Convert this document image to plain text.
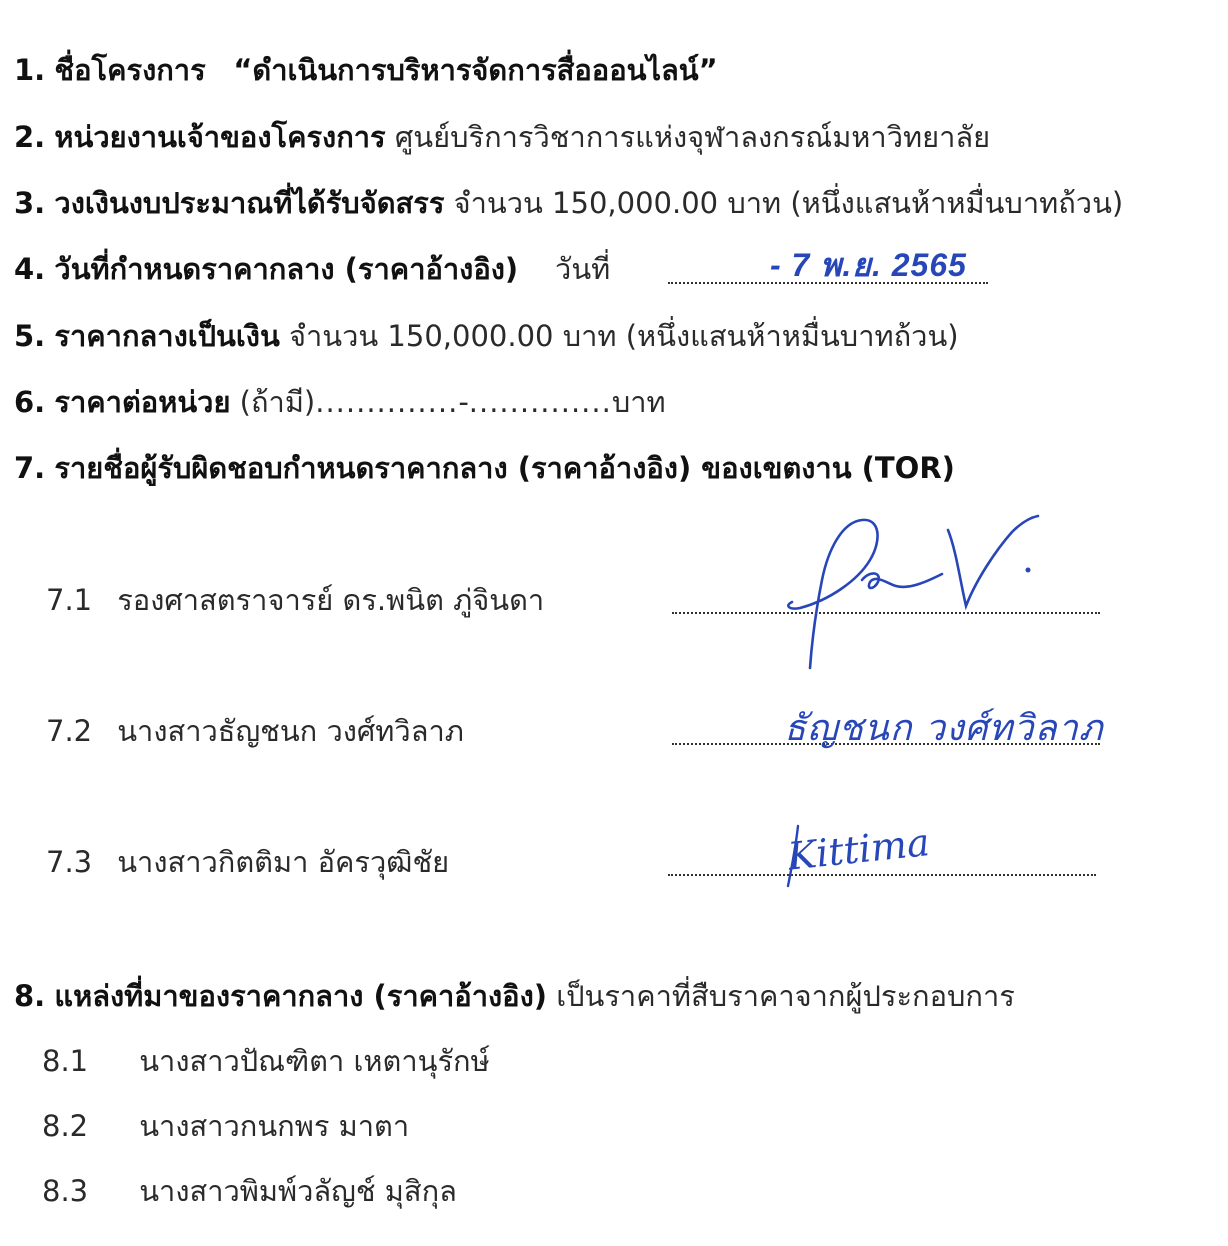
1. ชื่อโครงการ “ดำเนินการบริหารจัดการสื่อออนไลน์”
2. หน่วยงานเจ้าของโครงการ ศูนย์บริการวิชาการแห่งจุฬาลงกรณ์มหาวิทยาลัย
3. วงเงินงบประมาณที่ได้รับจัดสรร จำนวน 150,000.00 บาท (หนึ่งแสนห้าหมื่นบาทถ้วน)
4. วันที่กำหนดราคากลาง (ราคาอ้างอิง) วันที่	- 7 พ.ย. 2565
5. ราคากลางเป็นเงิน จำนวน 150,000.00 บาท (หนึ่งแสนห้าหมื่นบาทถ้วน)
6. ราคาต่อหน่วย (ถ้ามี)..............-..............บาท
7. รายชื่อผู้รับผิดชอบกำหนดราคากลาง (ราคาอ้างอิง) ของเขตงาน (TOR)
7.1 รองศาสตราจารย์ ดร.พนิต ภู่จินดา
7.2 นางสาวธัญชนก วงศ์ทวิลาภ	ธัญชนก วงศ์ทวิลาภ
7.3 นางสาวกิตติมา อัครวุฒิชัย	Kittima
8. แหล่งที่มาของราคากลาง (ราคาอ้างอิง) เป็นราคาที่สืบราคาจากผู้ประกอบการ
8.1 นางสาวปัณฑิตา เหตานุรักษ์
8.2 นางสาวกนกพร มาตา
8.3 นางสาวพิมพ์วลัญช์ มุสิกุล
